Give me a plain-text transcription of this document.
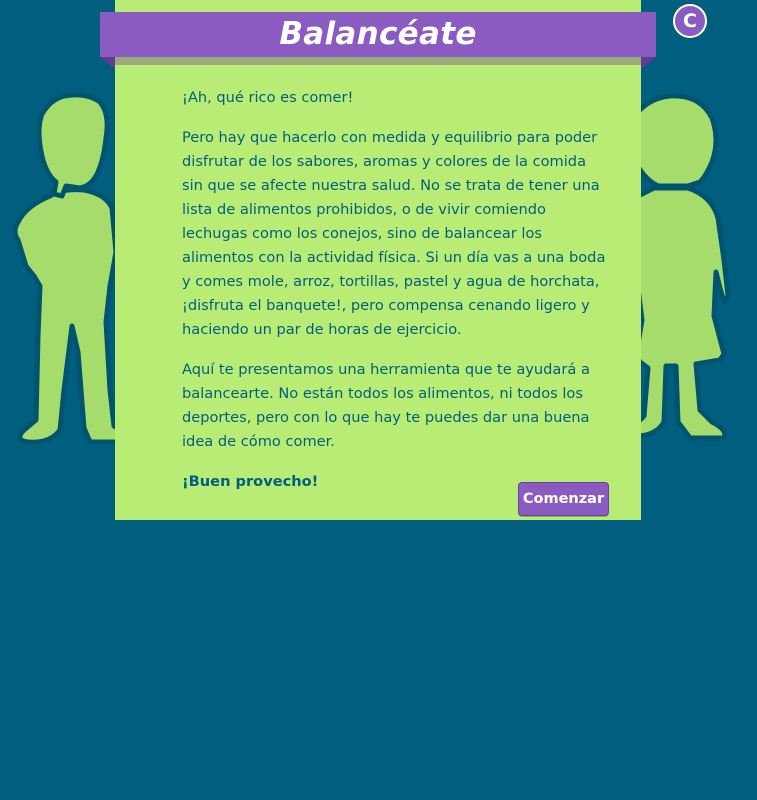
Balancéate	C

¡Ah, qué rico es comer!

Pero hay que hacerlo con medida y equilibrio para poder disfrutar de los sabores, aromas y colores de la comida sin que se afecte nuestra salud. No se trata de tener una lista de alimentos prohibidos, o de vivir comiendo lechugas como los conejos, sino de balancear los alimentos con la actividad física. Si un día vas a una boda y comes mole, arroz, tortillas, pastel y agua de horchata, ¡disfruta el banquete!, pero compensa cenando ligero y haciendo un par de horas de ejercicio.

Aquí te presentamos una herramienta que te ayudará a balancearte. No están todos los alimentos, ni todos los deportes, pero con lo que hay te puedes dar una buena idea de cómo comer.

¡Buen provecho!

Comenzar
